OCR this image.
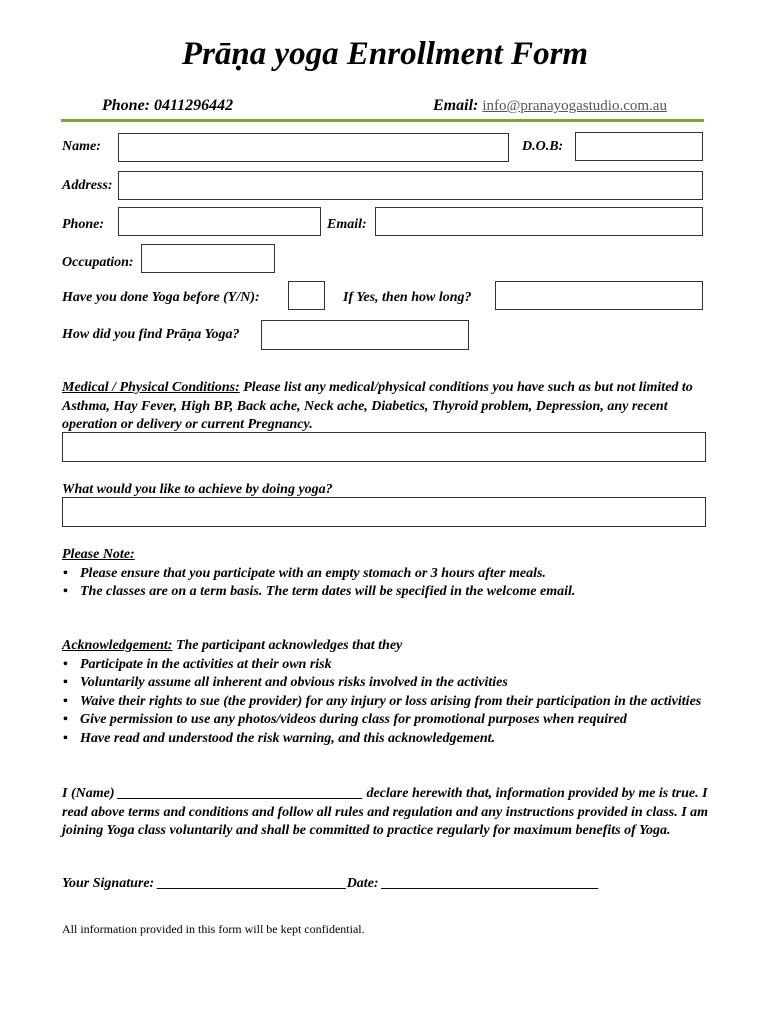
Prāṇa yoga Enrollment Form
Phone: 0411296442	Email: info@pranayogastudio.com.au
Name:	D.O.B:
Address:
Phone:	Email:
Occupation:
Have you done Yoga before (Y/N):	If Yes, then how long?
How did you find Prāṇa Yoga?
Medical / Physical Conditions: Please list any medical/physical conditions you have such as but not limited to Asthma, Hay Fever, High BP, Back ache, Neck ache, Diabetics, Thyroid problem, Depression, any recent operation or delivery or current Pregnancy.
What would you like to achieve by doing yoga?
Please Note:
• Please ensure that you participate with an empty stomach or 3 hours after meals.
• The classes are on a term basis. The term dates will be specified in the welcome email.
Acknowledgement: The participant acknowledges that they
• Participate in the activities at their own risk
• Voluntarily assume all inherent and obvious risks involved in the activities
• Waive their rights to sue (the provider) for any injury or loss arising from their participation in the activities
• Give permission to use any photos/videos during class for promotional purposes when required
• Have read and understood the risk warning, and this acknowledgement.
I (Name) ___________________________________ declare herewith that, information provided by me is true. I read above terms and conditions and follow all rules and regulation and any instructions provided in class. I am joining Yoga class voluntarily and shall be committed to practice regularly for maximum benefits of Yoga.
Your Signature: ___________________________Date: _______________________________
All information provided in this form will be kept confidential.
